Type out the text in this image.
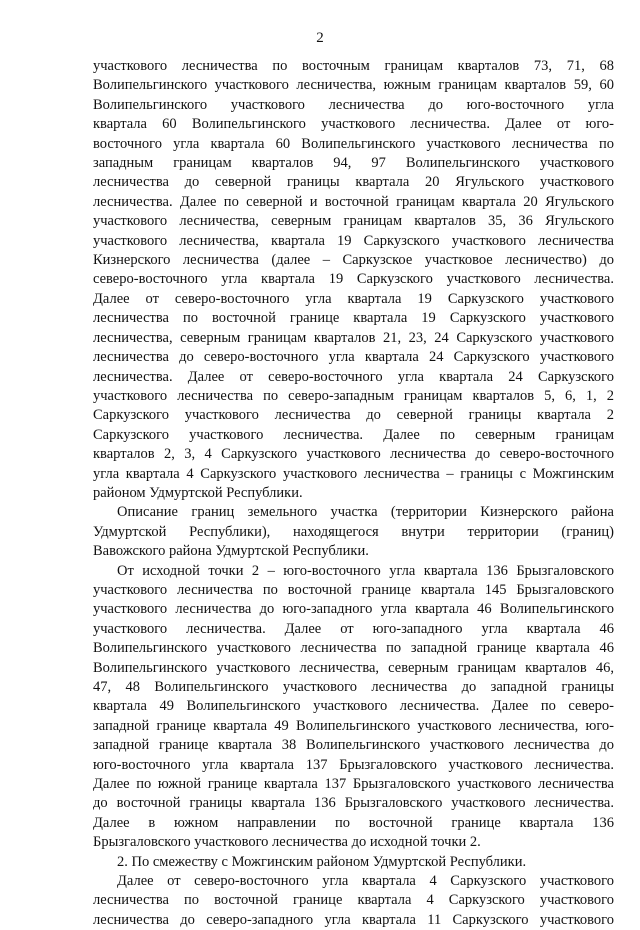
2
участкового лесничества по восточным границам кварталов 73, 71, 68
Волипельгинского участкового лесничества, южным границам кварталов 59, 60
Волипельгинского участкового лесничества до юго-восточного угла
квартала 60 Волипельгинского участкового лесничества. Далее от юго-
восточного угла квартала 60 Волипельгинского участкового лесничества по
западным границам кварталов 94, 97 Волипельгинского участкового
лесничества до северной границы квартала 20 Ягульского участкового
лесничества. Далее по северной и восточной границам квартала 20 Ягульского
участкового лесничества, северным границам кварталов 35, 36 Ягульского
участкового лесничества, квартала 19 Саркузского участкового лесничества
Кизнерского лесничества (далее – Саркузское участковое лесничество) до
северо-восточного угла квартала 19 Саркузского участкового лесничества.
Далее от северо-восточного угла квартала 19 Саркузского участкового
лесничества по восточной границе квартала 19 Саркузского участкового
лесничества, северным границам кварталов 21, 23, 24 Саркузского участкового
лесничества до северо-восточного угла квартала 24 Саркузского участкового
лесничества. Далее от северо-восточного угла квартала 24 Саркузского
участкового лесничества по северо-западным границам кварталов 5, 6, 1, 2
Саркузского участкового лесничества до северной границы квартала 2
Саркузского участкового лесничества. Далее по северным границам
кварталов 2, 3, 4 Саркузского участкового лесничества до северо-восточного
угла квартала 4 Саркузского участкового лесничества – границы с Можгинским
районом Удмуртской Республики.
Описание границ земельного участка (территории Кизнерского района
Удмуртской Республики), находящегося внутри территории (границ)
Вавожского района Удмуртской Республики.
От исходной точки 2 – юго-восточного угла квартала 136 Брызгаловского
участкового лесничества по восточной границе квартала 145 Брызгаловского
участкового лесничества до юго-западного угла квартала 46 Волипельгинского
участкового лесничества. Далее от юго-западного угла квартала 46
Волипельгинского участкового лесничества по западной границе квартала 46
Волипельгинского участкового лесничества, северным границам кварталов 46,
47, 48 Волипельгинского участкового лесничества до западной границы
квартала 49 Волипельгинского участкового лесничества. Далее по северо-
западной границе квартала 49 Волипельгинского участкового лесничества, юго-
западной границе квартала 38 Волипельгинского участкового лесничества до
юго-восточного угла квартала 137 Брызгаловского участкового лесничества.
Далее по южной границе квартала 137 Брызгаловского участкового лесничества
до восточной границы квартала 136 Брызгаловского участкового лесничества.
Далее в южном направлении по восточной границе квартала 136
Брызгаловского участкового лесничества до исходной точки 2.
2. По смежеству с Можгинским районом Удмуртской Республики.
Далее от северо-восточного угла квартала 4 Саркузского участкового
лесничества по восточной границе квартала 4 Саркузского участкового
лесничества до северо-западного угла квартала 11 Саркузского участкового
